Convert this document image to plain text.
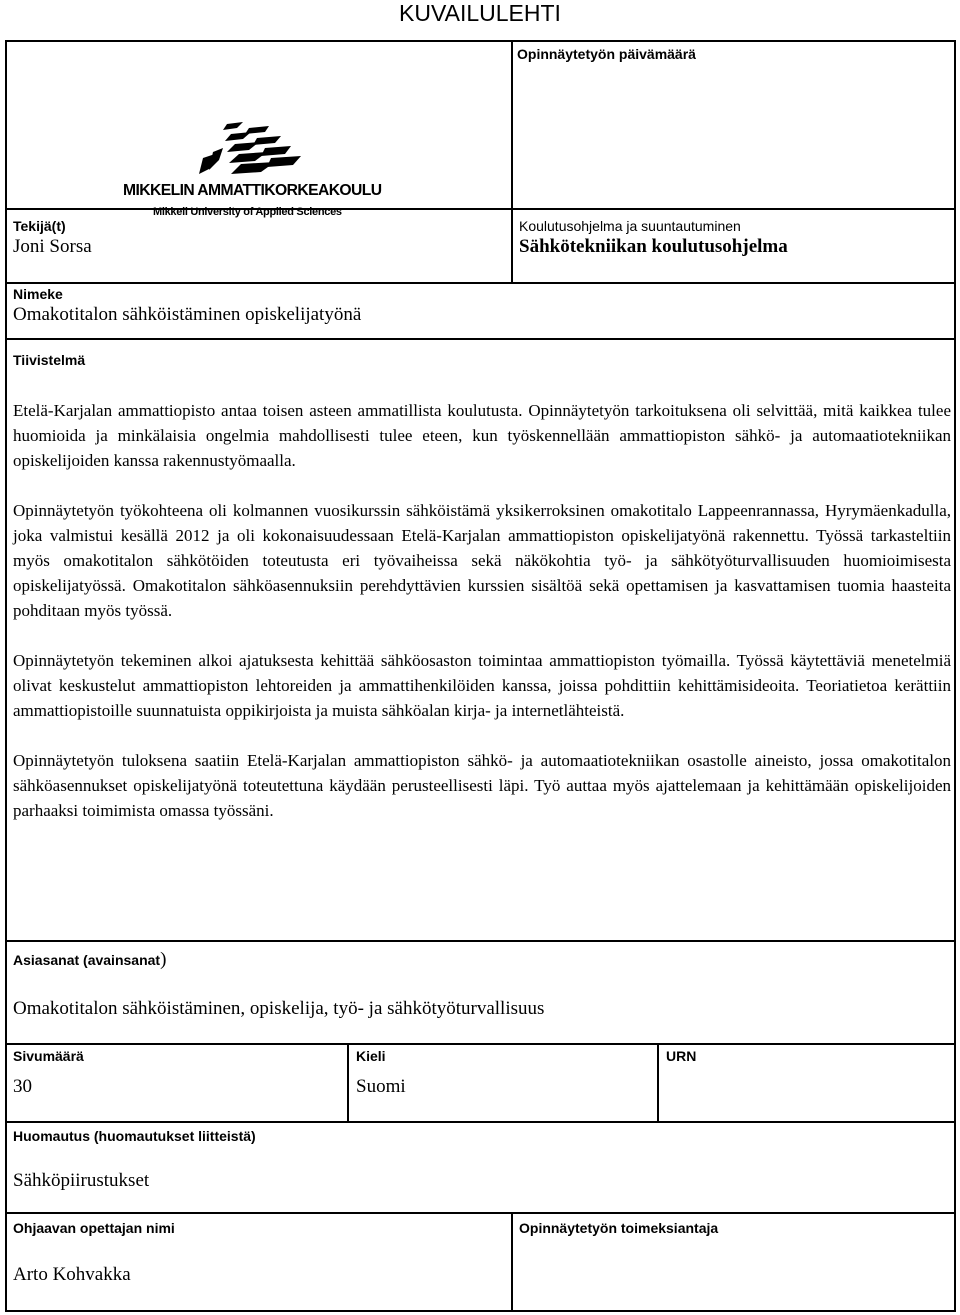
KUVAILULEHTI
MIKKELIN AMMATTIKORKEAKOULU
Mikkeli University of Applied Sciences
Opinnäytetyön päivämäärä
Tekijä(t)
Joni Sorsa
Koulutusohjelma ja suuntautuminen
Sähkötekniikan koulutusohjelma
Nimeke
Omakotitalon sähköistäminen opiskelijatyönä
Tiivistelmä

Etelä-Karjalan ammattiopisto antaa toisen asteen ammatillista koulutusta. Opinnäytetyön tarkoituksena oli selvittää, mitä kaikkea tulee huomioida ja minkälaisia ongelmia mahdollisesti tulee eteen, kun työskennellään ammattiopiston sähkö- ja automaatiotekniikan opiskelijoiden kanssa rakennustyömaalla.

Opinnäytetyön työkohteena oli kolmannen vuosikurssin sähköistämä yksikerroksinen omakotitalo Lappeenrannassa, Hyrymäenkadulla, joka valmistui kesällä 2012 ja oli kokonaisuudessaan Etelä-Karjalan ammattiopiston opiskelijatyönä rakennettu. Työssä tarkasteltiin myös omakotitalon sähkötöiden toteutusta eri työvaiheissa sekä näkökohtia työ- ja sähkötyöturvallisuuden huomioimisesta opiskelijatyössä. Omakotitalon sähköasennuksiin perehdyttävien kurssien sisältöä sekä opettamisen ja kasvattamisen tuomia haasteita pohditaan myös työssä.

Opinnäytetyön tekeminen alkoi ajatuksesta kehittää sähköosaston toimintaa ammattiopiston työmailla. Työssä käytettäviä menetelmiä olivat keskustelut ammattiopiston lehtoreiden ja ammattihenkilöiden kanssa, joissa pohdittiin kehittämisideoita. Teoriatietoa kerättiin ammattiopistoille suunnatuista oppikirjoista ja muista sähköalan kirja- ja internetlähteistä.

Opinnäytetyön tuloksena saatiin Etelä-Karjalan ammattiopiston sähkö- ja automaatiotekniikan osastolle aineisto, jossa omakotitalon sähköasennukset opiskelijatyönä toteutettuna käydään perusteellisesti läpi. Työ auttaa myös ajattelemaan ja kehittämään opiskelijoiden parhaaksi toimimista omassa työssäni.

Asiasanat (avainsanat)
Omakotitalon sähköistäminen, opiskelija, työ- ja sähkötyöturvallisuus
Sivumäärä
30
Kieli
Suomi
URN
Huomautus (huomautukset liitteistä)
Sähköpiirustukset
Ohjaavan opettajan nimi
Arto Kohvakka
Opinnäytetyön toimeksiantaja
